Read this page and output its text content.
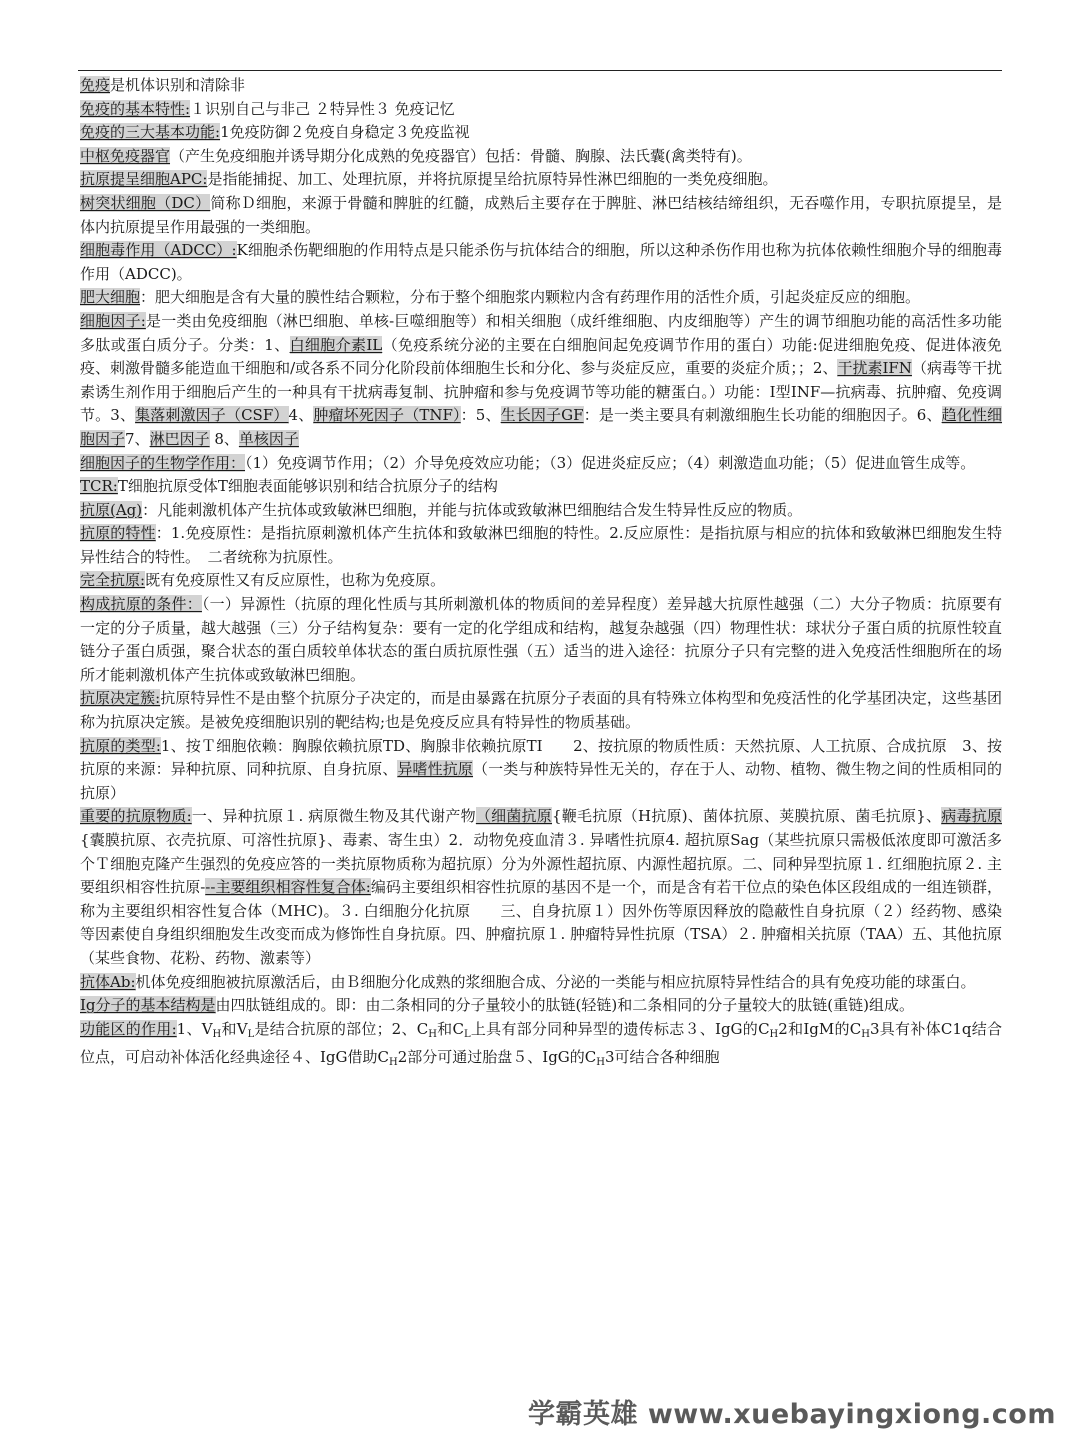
免疫是机体识别和清除非

免疫的基本特性:１识别自己与非己 ２特异性３ 免疫记忆

免疫的三大基本功能:1免疫防御２免疫自身稳定３免疫监视

中枢免疫器官（产生免疫细胞并诱导期分化成熟的免疫器官）包括：骨髓、胸腺、法氏囊(禽类特有)。

抗原提呈细胞APC:是指能捕捉、加工、处理抗原，并将抗原提呈给抗原特异性淋巴细胞的一类免疫细胞。

树突状细胞（DC）简称Ｄ细胞，来源于骨髓和脾脏的红髓，成熟后主要存在于脾脏、淋巴结核结缔组织，无吞噬作用，专职抗原提呈，是体内抗原提呈作用最强的一类细胞。

细胞毒作用（ADCC）:K细胞杀伤靶细胞的作用特点是只能杀伤与抗体结合的细胞，所以这种杀伤作用也称为抗体依赖性细胞介导的细胞毒作用（ADCC)。

肥大细胞：肥大细胞是含有大量的膜性结合颗粒，分布于整个细胞浆内颗粒内含有药理作用的活性介质，引起炎症反应的细胞。

细胞因子:是一类由免疫细胞（淋巴细胞、单核-巨噬细胞等）和相关细胞（成纤维细胞、内皮细胞等）产生的调节细胞功能的高活性多功能多肽或蛋白质分子。分类：1、白细胞介素IL（免疫系统分泌的主要在白细胞间起免疫调节作用的蛋白）功能:促进细胞免疫、促进体液免疫、刺激骨髓多能造血干细胞和/或各系不同分化阶段前体细胞生长和分化、参与炎症反应，重要的炎症介质；；2、干扰素IFN（病毒等干扰素诱生剂作用于细胞后产生的一种具有干扰病毒复制、抗肿瘤和参与免疫调节等功能的糖蛋白。）功能：Ⅰ型INF—抗病毒、抗肿瘤、免疫调节。3、集落刺激因子（CSF）4、肿瘤坏死因子（TNF）：5、生长因子GF：是一类主要具有刺激细胞生长功能的细胞因子。6、趋化性细胞因子7、淋巴因子 8、单核因子

细胞因子的生物学作用：（1）免疫调节作用；（2）介导免疫效应功能；（3）促进炎症反应；（4）刺激造血功能；（5）促进血管生成等。

TCR:T细胞抗原受体T细胞表面能够识别和结合抗原分子的结构

抗原(Ag)：凡能刺激机体产生抗体或致敏淋巴细胞，并能与抗体或致敏淋巴细胞结合发生特异性反应的物质。

抗原的特性：1.免疫原性：是指抗原刺激机体产生抗体和致敏淋巴细胞的特性。2.反应原性：是指抗原与相应的抗体和致敏淋巴细胞发生特异性结合的特性。　二者统称为抗原性。

完全抗原:既有免疫原性又有反应原性，也称为免疫原。

构成抗原的条件：（一）异源性（抗原的理化性质与其所刺激机体的物质间的差异程度）差异越大抗原性越强（二）大分子物质：抗原要有一定的分子质量，越大越强（三）分子结构复杂：要有一定的化学组成和结构，越复杂越强（四）物理性状：球状分子蛋白质的抗原性较直链分子蛋白质强，聚合状态的蛋白质较单体状态的蛋白质抗原性强（五）适当的进入途径：抗原分子只有完整的进入免疫活性细胞所在的场所才能刺激机体产生抗体或致敏淋巴细胞。

抗原决定簇:抗原特异性不是由整个抗原分子决定的，而是由暴露在抗原分子表面的具有特殊立体构型和免疫活性的化学基团决定，这些基团称为抗原决定簇。是被免疫细胞识别的靶结构;也是免疫反应具有特异性的物质基础。

抗原的类型:1、按Ｔ细胞依赖：胸腺依赖抗原TD、胸腺非依赖抗原TI　　2、按抗原的物质性质：天然抗原、人工抗原、合成抗原　3、按抗原的来源：异种抗原、同种抗原、自身抗原、异嗜性抗原（一类与种族特异性无关的，存在于人、动物、植物、微生物之间的性质相同的抗原）

重要的抗原物质:一、异种抗原１. 病原微生物及其代谢产物（细菌抗原{鞭毛抗原（H抗原)、菌体抗原、荚膜抗原、菌毛抗原}、病毒抗原{囊膜抗原、衣壳抗原、可溶性抗原}、毒素、寄生虫）2．动物免疫血清３. 异嗜性抗原4. 超抗原Sag（某些抗原只需极低浓度即可激活多个Ｔ细胞克隆产生强烈的免疫应答的一类抗原物质称为超抗原）分为外源性超抗原、内源性超抗原。二、同种异型抗原１. 红细胞抗原２. 主要组织相容性抗原---主要组织相容性复合体:编码主要组织相容性抗原的基因不是一个，而是含有若干位点的染色体区段组成的一组连锁群，称为主要组织相容性复合体（MHC)。３. 白细胞分化抗原　　三、自身抗原１）因外伤等原因释放的隐蔽性自身抗原（２）经药物、感染等因素使自身组织细胞发生改变而成为修饰性自身抗原。四、肿瘤抗原１. 肿瘤特异性抗原（TSA）２. 肿瘤相关抗原（TAA）五、其他抗原（某些食物、花粉、药物、激素等）

抗体Ab:机体免疫细胞被抗原激活后，由Ｂ细胞分化成熟的浆细胞合成、分泌的一类能与相应抗原特异性结合的具有免疫功能的球蛋白。

Ig分子的基本结构是由四肽链组成的。即：由二条相同的分子量较小的肽链(轻链)和二条相同的分子量较大的肽链(重链)组成。

功能区的作用:1、$V_H$和$V_L$是结合抗原的部位；2、$C_H$和$C_L$上具有部分同种异型的遗传标志３、IgG的$C_H2$和IgM的$C_H3$具有补体C1q结合位点，可启动补体活化经典途径４、IgG借助$C_H2$部分可通过胎盘５、IgG的$C_H3$可结合各种细胞

学霸英雄 www.xuebayingxiong.com
